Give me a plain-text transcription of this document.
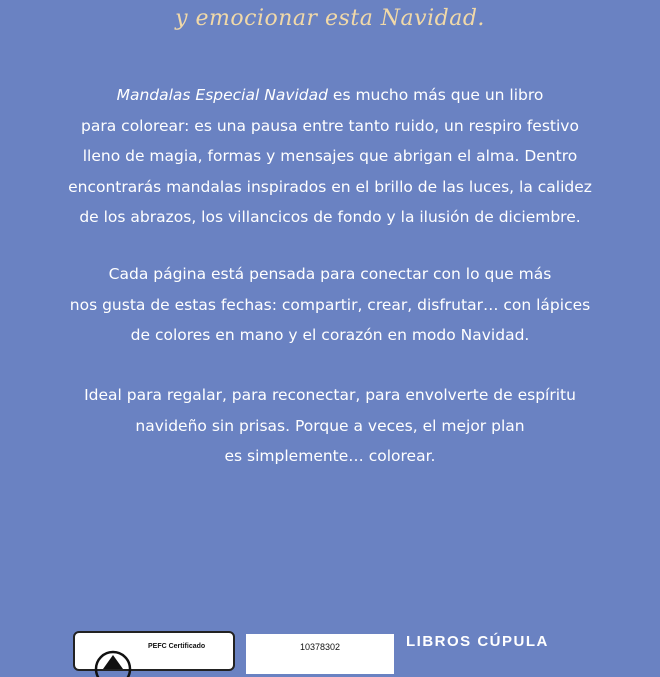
y emocionar esta Navidad.
Mandalas Especial Navidad es mucho más que un libro
para colorear: es una pausa entre tanto ruido, un respiro festivo
lleno de magia, formas y mensajes que abrigan el alma. Dentro
encontrarás mandalas inspirados en el brillo de las luces, la calidez
de los abrazos, los villancicos de fondo y la ilusión de diciembre.
Cada página está pensada para conectar con lo que más
nos gusta de estas fechas: compartir, crear, disfrutar… con lápices
de colores en mano y el corazón en modo Navidad.
Ideal para regalar, para reconectar, para envolverte de espíritu
navideño sin prisas. Porque a veces, el mejor plan
es simplemente… colorear.
PEFC Certificado	10378302	LIBROS CÚPULA
